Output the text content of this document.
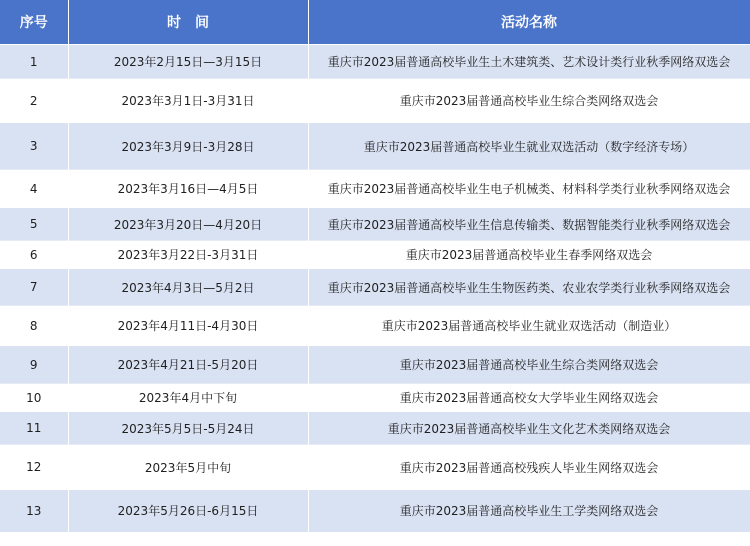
序号	时　间	活动名称
1	2023年2月15日—3月15日	重庆市2023届普通高校毕业生土木建筑类、艺术设计类行业秋季网络双选会
2	2023年3月1日-3月31日	重庆市2023届普通高校毕业生综合类网络双选会
3	2023年3月9日-3月28日	重庆市2023届普通高校毕业生就业双选活动（数字经济专场）
4	2023年3月16日—4月5日	重庆市2023届普通高校毕业生电子机械类、材料科学类行业秋季网络双选会
5	2023年3月20日—4月20日	重庆市2023届普通高校毕业生信息传输类、数据智能类行业秋季网络双选会
6	2023年3月22日-3月31日	重庆市2023届普通高校毕业生春季网络双选会
7	2023年4月3日—5月2日	重庆市2023届普通高校毕业生生物医药类、农业农学类行业秋季网络双选会
8	2023年4月11日-4月30日	重庆市2023届普通高校毕业生就业双选活动（制造业）
9	2023年4月21日-5月20日	重庆市2023届普通高校毕业生综合类网络双选会
10	2023年4月中下旬	重庆市2023届普通高校女大学毕业生网络双选会
11	2023年5月5日-5月24日	重庆市2023届普通高校毕业生文化艺术类网络双选会
12	2023年5月中旬	重庆市2023届普通高校残疾人毕业生网络双选会
13	2023年5月26日-6月15日	重庆市2023届普通高校毕业生工学类网络双选会
